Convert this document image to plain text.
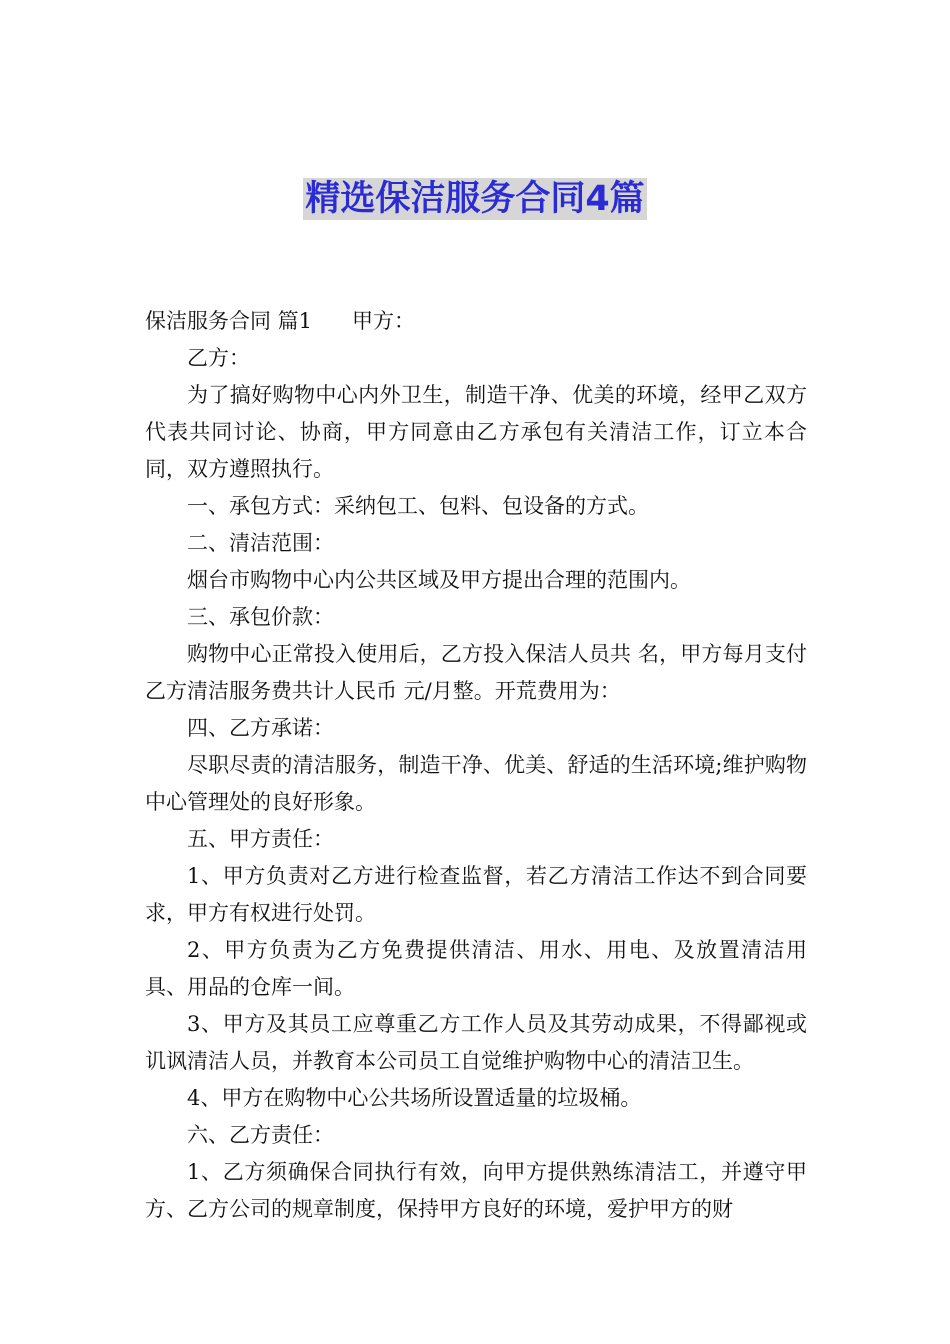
精选保洁服务合同4篇

保洁服务合同 篇1 甲方：

乙方：

为了搞好购物中心内外卫生，制造干净、优美的环境，经甲乙双方代表共同讨论、协商，甲方同意由乙方承包有关清洁工作，订立本合同，双方遵照执行。

一、承包方式：采纳包工、包料、包设备的方式。

二、清洁范围：

烟台市购物中心内公共区域及甲方提出合理的范围内。

三、承包价款：

购物中心正常投入使用后，乙方投入保洁人员共 名，甲方每月支付乙方清洁服务费共计人民币 元/月整。开荒费用为：

四、乙方承诺：

尽职尽责的清洁服务，制造干净、优美、舒适的生活环境;维护购物中心管理处的良好形象。

五、甲方责任：

1、甲方负责对乙方进行检查监督，若乙方清洁工作达不到合同要求，甲方有权进行处罚。

2、甲方负责为乙方免费提供清洁、用水、用电、及放置清洁用具、用品的仓库一间。

3、甲方及其员工应尊重乙方工作人员及其劳动成果，不得鄙视或讥讽清洁人员，并教育本公司员工自觉维护购物中心的清洁卫生。

4、甲方在购物中心公共场所设置适量的垃圾桶。

六、乙方责任：

1、乙方须确保合同执行有效，向甲方提供熟练清洁工，并遵守甲方、乙方公司的规章制度，保持甲方良好的环境，爱护甲方的财
